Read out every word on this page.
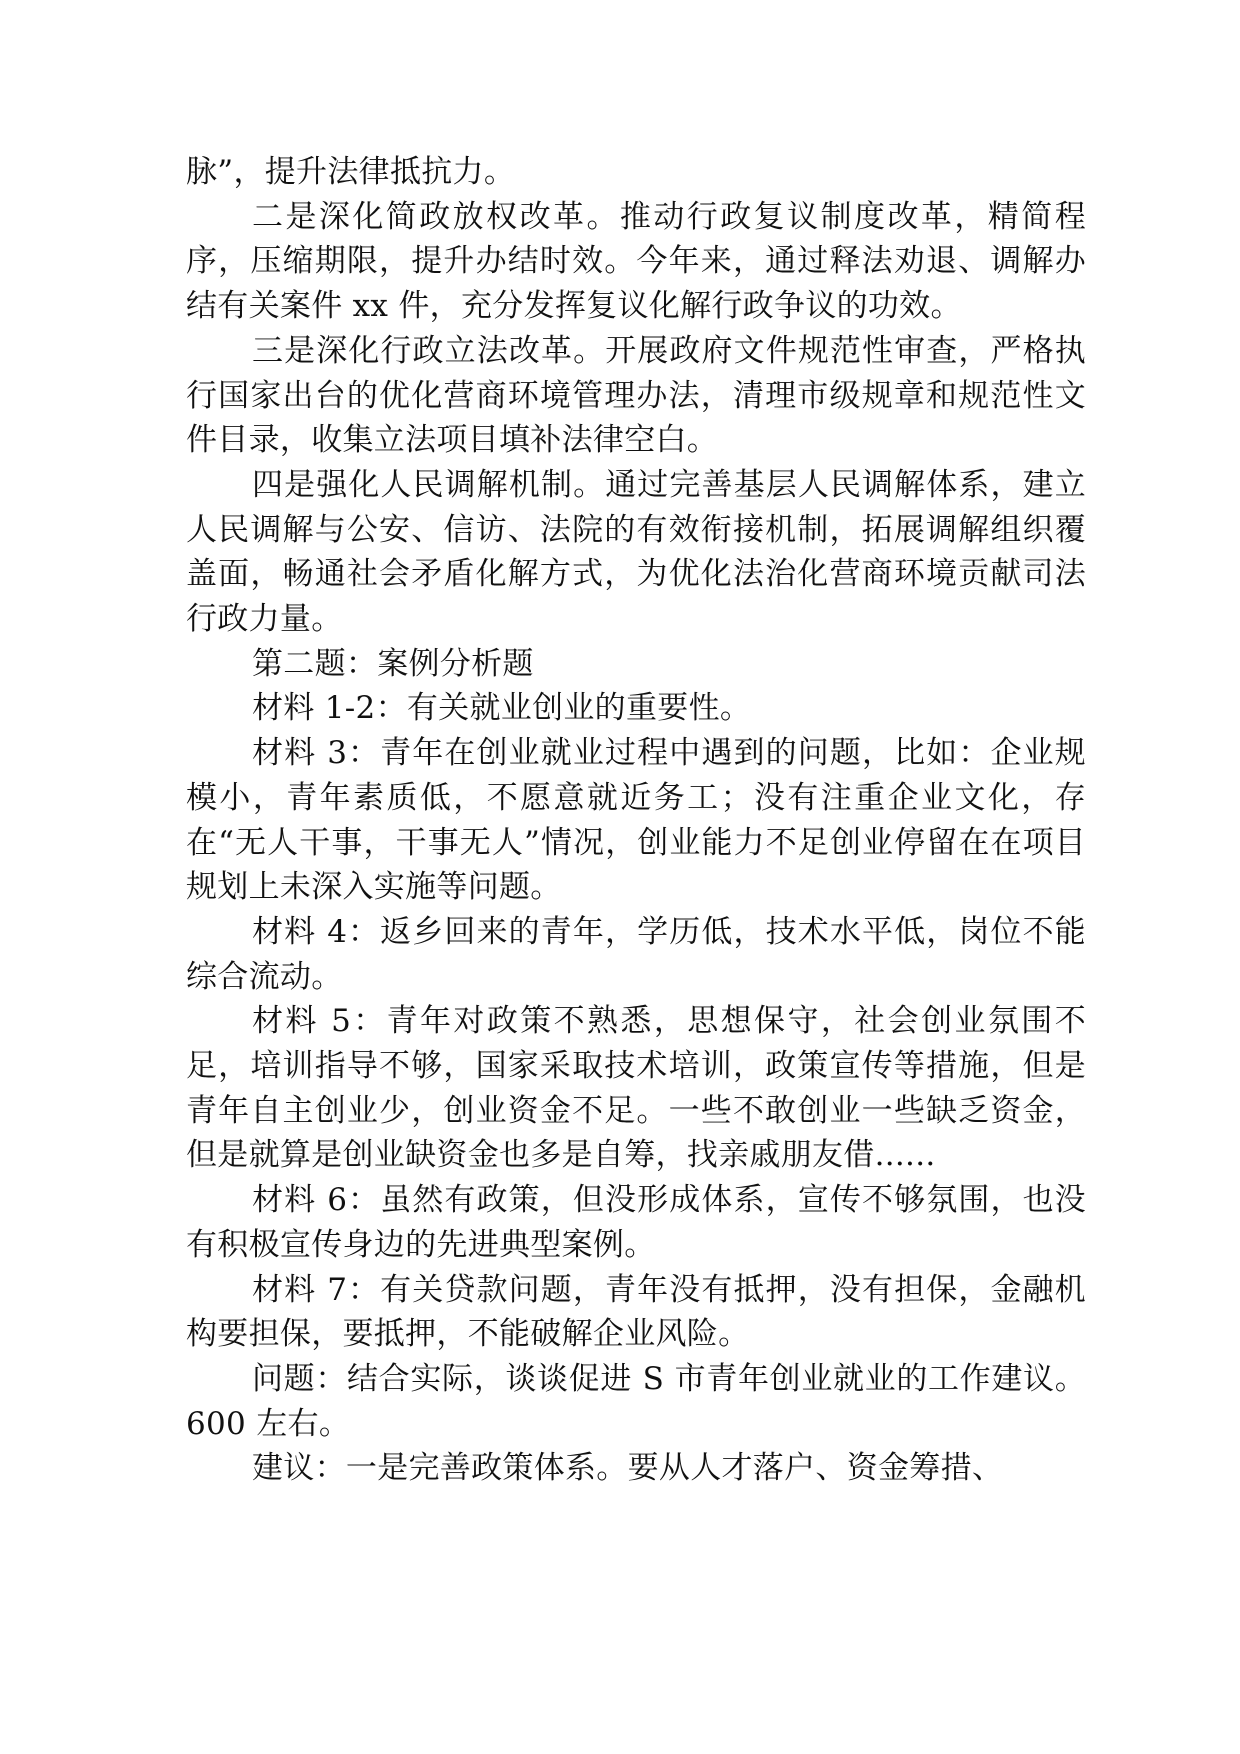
脉”，提升法律抵抗力。

二是深化简政放权改革。推动行政复议制度改革，精简程序，压缩期限，提升办结时效。今年来，通过释法劝退、调解办结有关案件 xx 件，充分发挥复议化解行政争议的功效。

三是深化行政立法改革。开展政府文件规范性审查，严格执行国家出台的优化营商环境管理办法，清理市级规章和规范性文件目录，收集立法项目填补法律空白。

四是强化人民调解机制。通过完善基层人民调解体系，建立人民调解与公安、信访、法院的有效衔接机制，拓展调解组织覆盖面，畅通社会矛盾化解方式，为优化法治化营商环境贡献司法行政力量。

第二题：案例分析题

材料 1-2：有关就业创业的重要性。

材料 3：青年在创业就业过程中遇到的问题，比如：企业规模小，青年素质低，不愿意就近务工；没有注重企业文化，存在“无人干事，干事无人”情况，创业能力不足创业停留在在项目规划上未深入实施等问题。

材料 4：返乡回来的青年，学历低，技术水平低，岗位不能综合流动。

材料 5：青年对政策不熟悉，思想保守，社会创业氛围不足，培训指导不够，国家采取技术培训，政策宣传等措施，但是青年自主创业少，创业资金不足。一些不敢创业一些缺乏资金，但是就算是创业缺资金也多是自筹，找亲戚朋友借......

材料 6：虽然有政策，但没形成体系，宣传不够氛围，也没有积极宣传身边的先进典型案例。

材料 7：有关贷款问题，青年没有抵押，没有担保，金融机构要担保，要抵押，不能破解企业风险。

问题：结合实际，谈谈促进 S 市青年创业就业的工作建议。600 左右。

建议：一是完善政策体系。要从人才落户、资金筹措、
